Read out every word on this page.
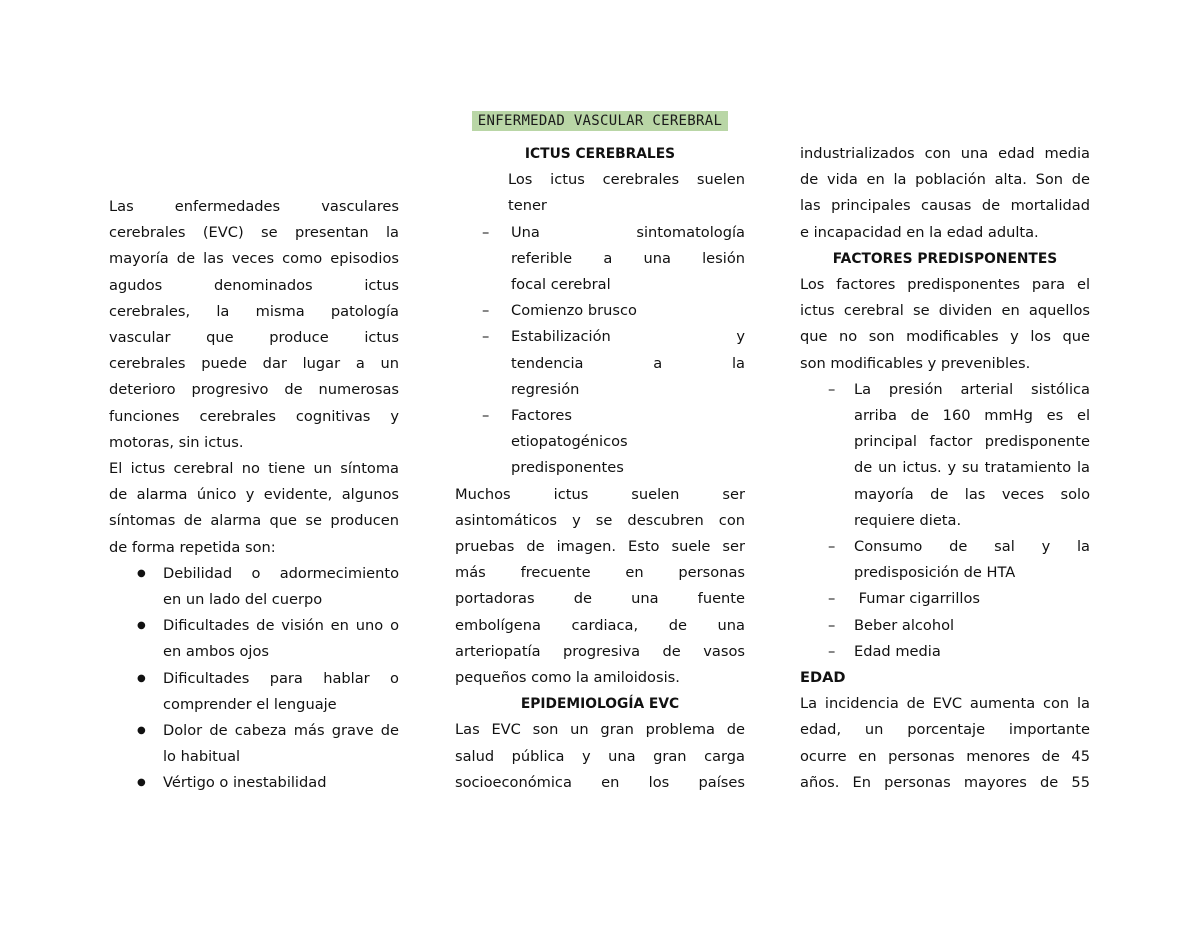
ENFERMEDAD VASCULAR CEREBRAL

Las enfermedades vasculares

cerebrales (EVC) se presentan la

mayoría de las veces como episodios

agudos denominados ictus

cerebrales, la misma patología

vascular que produce ictus

cerebrales puede dar lugar a un

deterioro progresivo de numerosas

funciones cerebrales cognitivas y

motoras, sin ictus.

El ictus cerebral no tiene un síntoma

de alarma único y evidente, algunos

síntomas de alarma que se producen

de forma repetida son:

● Debilidad o adormecimiento

en un lado del cuerpo

● Dificultades de visión en uno o

en ambos ojos

● Dificultades para hablar o

comprender el lenguaje

● Dolor de cabeza más grave de

lo habitual

● Vértigo o inestabilidad

ICTUS CEREBRALES

Los ictus cerebrales suelen

tener

– Una sintomatología

referible a una lesión

focal cerebral

– Comienzo brusco

– Estabilización y

tendencia a la

regresión

– Factores

etiopatogénicos

predisponentes

Muchos ictus suelen ser

asintomáticos y se descubren con

pruebas de imagen. Esto suele ser

más frecuente en personas

portadoras de una fuente

embolígena cardiaca, de una

arteriopatía progresiva de vasos

pequeños como la amiloidosis.

EPIDEMIOLOGÍA EVC

Las EVC son un gran problema de

salud pública y una gran carga

socioeconómica en los países

industrializados con una edad media

de vida en la población alta. Son de

las principales causas de mortalidad

e incapacidad en la edad adulta.

FACTORES PREDISPONENTES

Los factores predisponentes para el

ictus cerebral se dividen en aquellos

que no son modificables y los que

son modificables y prevenibles.

– La presión arterial sistólica

arriba de 160 mmHg es el

principal factor predisponente

de un ictus. y su tratamiento la

mayoría de las veces solo

requiere dieta.

– Consumo de sal y la

predisposición de HTA

– Fumar cigarrillos

– Beber alcohol

– Edad media

EDAD

La incidencia de EVC aumenta con la

edad, un porcentaje importante

ocurre en personas menores de 45

años. En personas mayores de 55
